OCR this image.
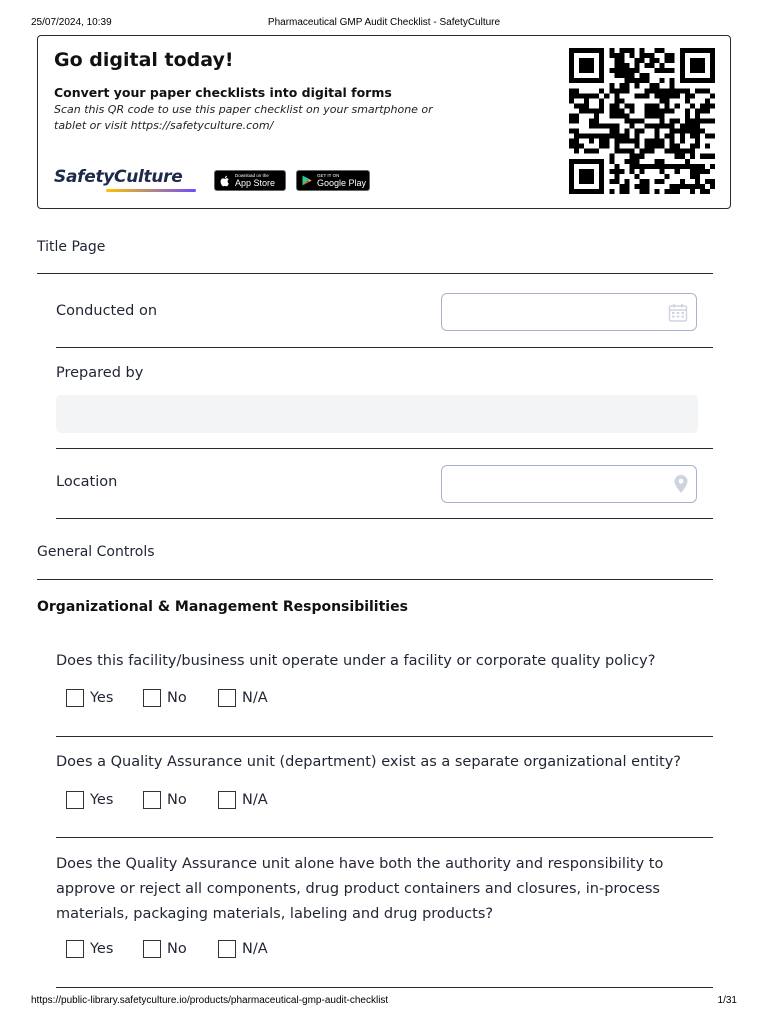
25/07/2024, 10:39	Pharmaceutical GMP Audit Checklist - SafetyCulture
Go digital today!
Convert your paper checklists into digital forms
Scan this QR code to use this paper checklist on your smartphone or tablet or visit https://safetyculture.com/
SafetyCulture	Download on the
App Store
GET IT ON
Google Play
Title Page
Conducted on
Prepared by
Location
General Controls
Organizational & Management Responsibilities
Does this facility/business unit operate under a facility or corporate quality policy?
Yes	No	N/A
Does a Quality Assurance unit (department) exist as a separate organizational entity?
Yes	No	N/A
Does the Quality Assurance unit alone have both the authority and responsibility to approve or reject all components, drug product containers and closures, in-process materials, packaging materials, labeling and drug products?
Yes	No	N/A
https://public-library.safetyculture.io/products/pharmaceutical-gmp-audit-checklist	1/31
